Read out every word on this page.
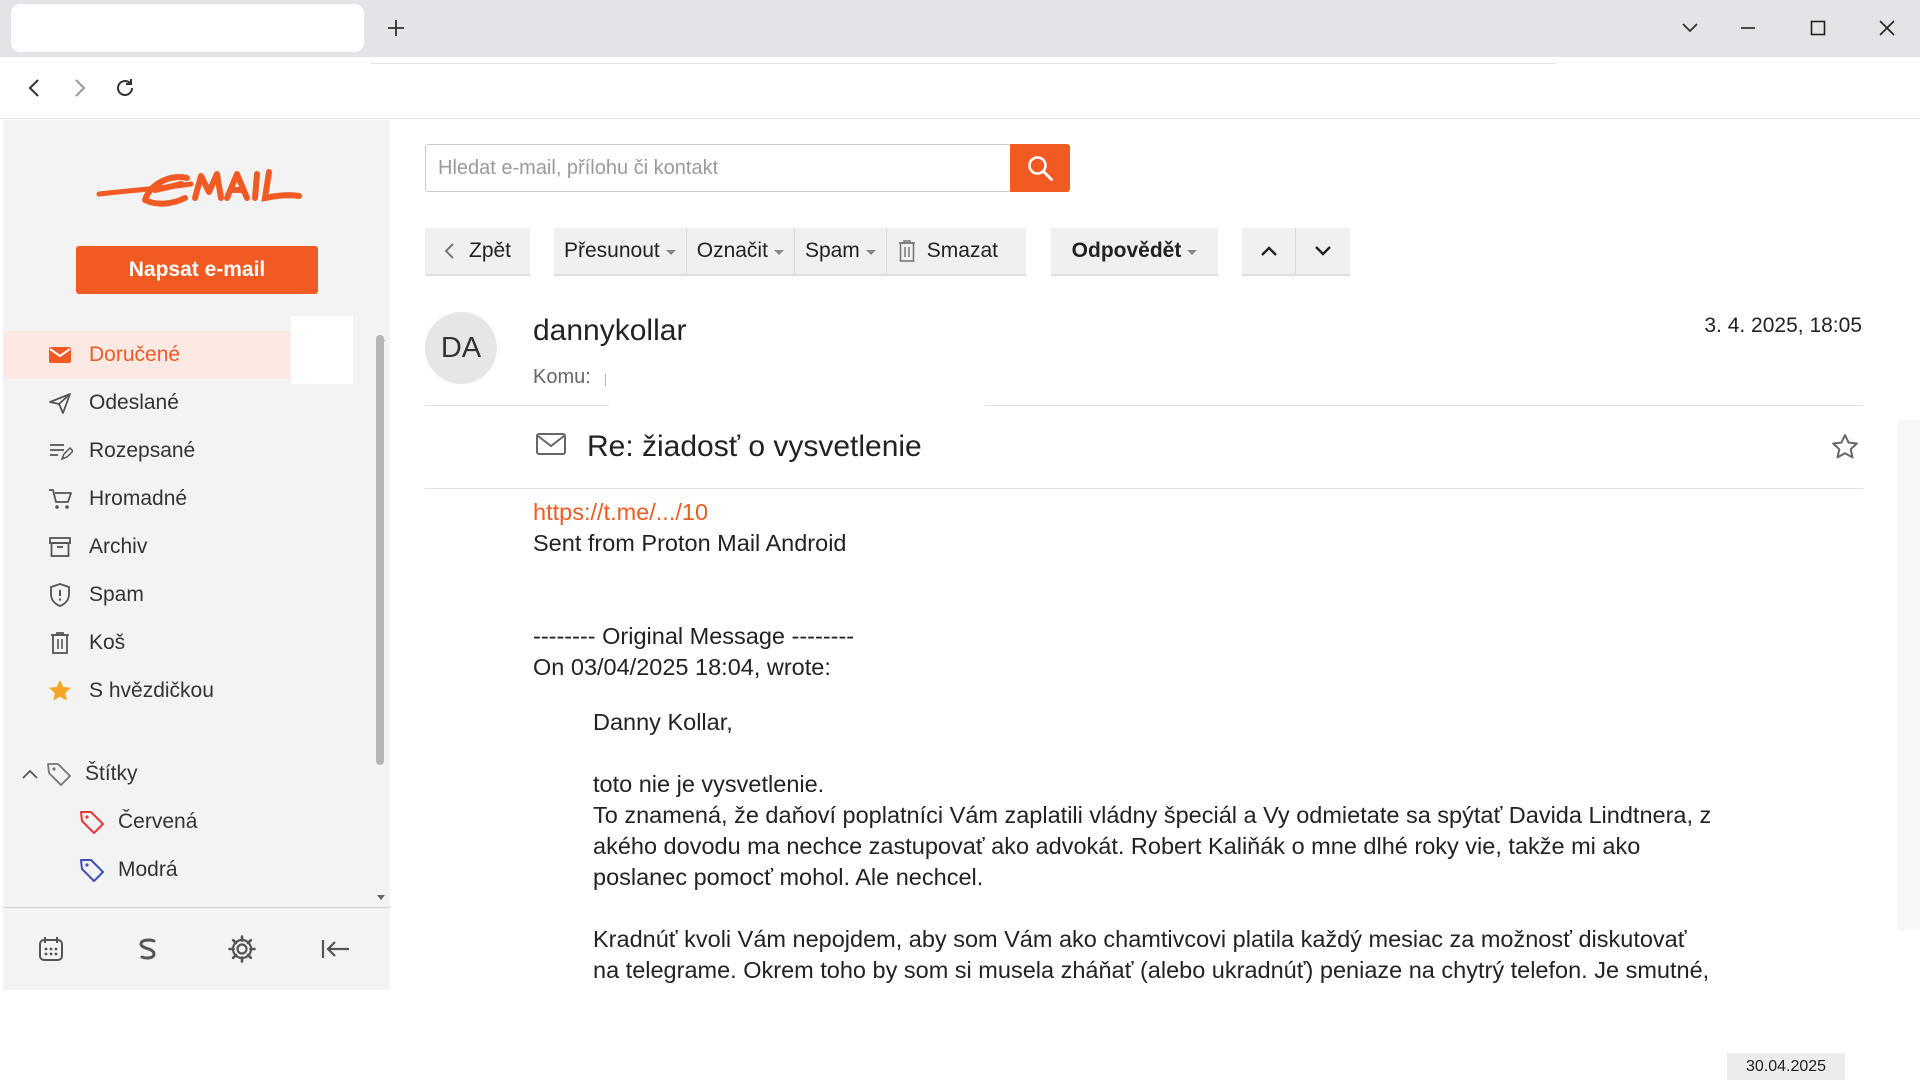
Napsat e-mail
Doručené
Odeslané
Rozepsané
Hromadné
Archiv
Spam
Koš
S hvězdičkou
Štítky
Červená
Modrá
Hledat e-mail, přílohu či kontakt
Zpět	Přesunout Označit Spam	Smazat	Odpovědět
DA
dannykollar
Komu:
3. 4. 2025, 18:05
Re: žiadosť o vysvetlenie
https://t.me/.../10
Sent from Proton Mail Android
-------- Original Message --------
On 03/04/2025 18:04, wrote:
Danny Kollar,
toto nie je vysvetlenie.
To znamená, že daňoví poplatníci Vám zaplatili vládny špeciál a Vy odmietate sa spýtať Davida Lindtnera, z
akého dovodu ma nechce zastupovať ako advokát. Robert Kaliňák o mne dlhé roky vie, takže mi ako
poslanec pomocť mohol. Ale nechcel.
Kradnúť kvoli Vám nepojdem, aby som Vám ako chamtivcovi platila každý mesiac za možnosť diskutovať
na telegrame. Okrem toho by som si musela zháňať (alebo ukradnúť) peniaze na chytrý telefon. Je smutné,
30.04.2025
